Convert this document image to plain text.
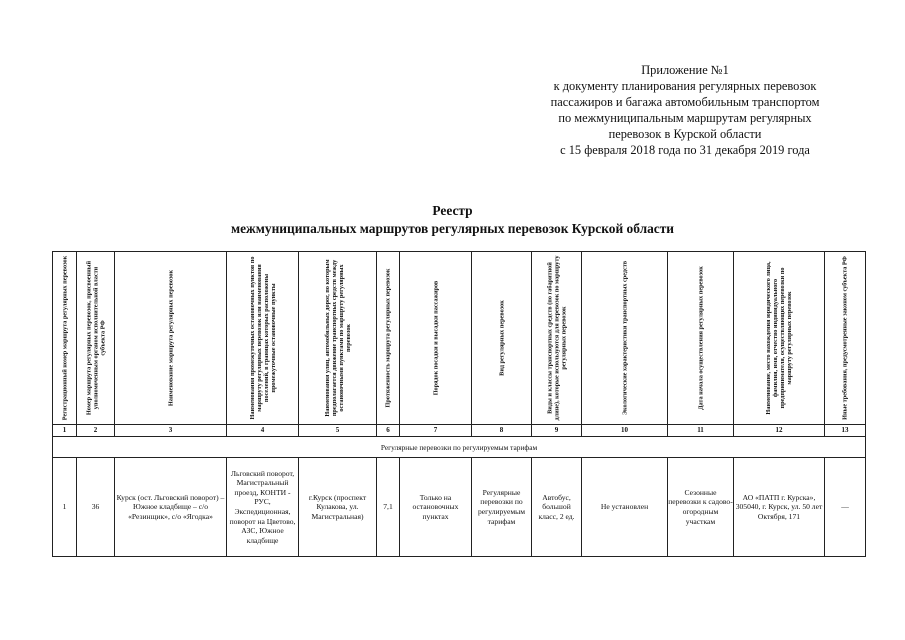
Приложение №1
к документу планирования регулярных перевозок
пассажиров и багажа автомобильным транспортом
по межмуниципальным маршрутам регулярных
перевозок в Курской области
с 15 февраля 2018 года по 31 декабря 2019 года
Реестр
межмуниципальных маршрутов регулярных перевозок Курской области
Регистрационный номер маршрута регулярных перевозок	Номер маршрута регулярных перевозок, присвоенный уполномоченным органом исполнительной власти субъекта РФ	Наименование маршрута регулярных перевозок	Наименования промежуточных остановочных пунктов по маршруту регулярных перевозок или наименования поселений, в границах которых расположены промежуточные остановочные пункты	Наименования улиц, автомобильных дорог, по которым предполагается движение транспортных средств между остановочными пунктами по маршруту регулярных перевозок	Протяженность маршрута регулярных перевозок	Порядок посадки и высадки пассажиров	Вид регулярных перевозок	Виды и классы транспортных средств (по габаритной длине), которые используются для перевозок по маршруту регулярных перевозок	Экологические характеристики транспортных средств	Дата начала осуществления регулярных перевозок	Наименование, место нахождения юридического лица, фамилия, имя, отчество индивидуального предпринимателя, осуществляющих перевозки по маршруту регулярных перевозок	Иные требования, предусмотренные законом субъекта РФ

1	2	3	4	5	6	7	8	9	10	11	12	13
Регулярные перевозки по регулируемым тарифам												
1	36	Курск (ост. Льговский поворот) – Южное кладбище – с/о «Резинщик», с/о «Ягодка»	Льговский поворот, Магистральный проезд, КОНТИ - РУС, Экспедиционная, поворот на Цветово, АЗС, Южное кладбище	г.Курск (проспект Кулакова, ул. Магистральная)	7,1	Только на остановочных пунктах	Регулярные перевозки по регулируемым тарифам	Автобус, большой класс, 2 ед.	Не установлен	Сезонные перевозки к садово-огородным участкам	АО «ПАТП г. Курска», 305040, г. Курск, ул. 50 лет Октября, 171	—
